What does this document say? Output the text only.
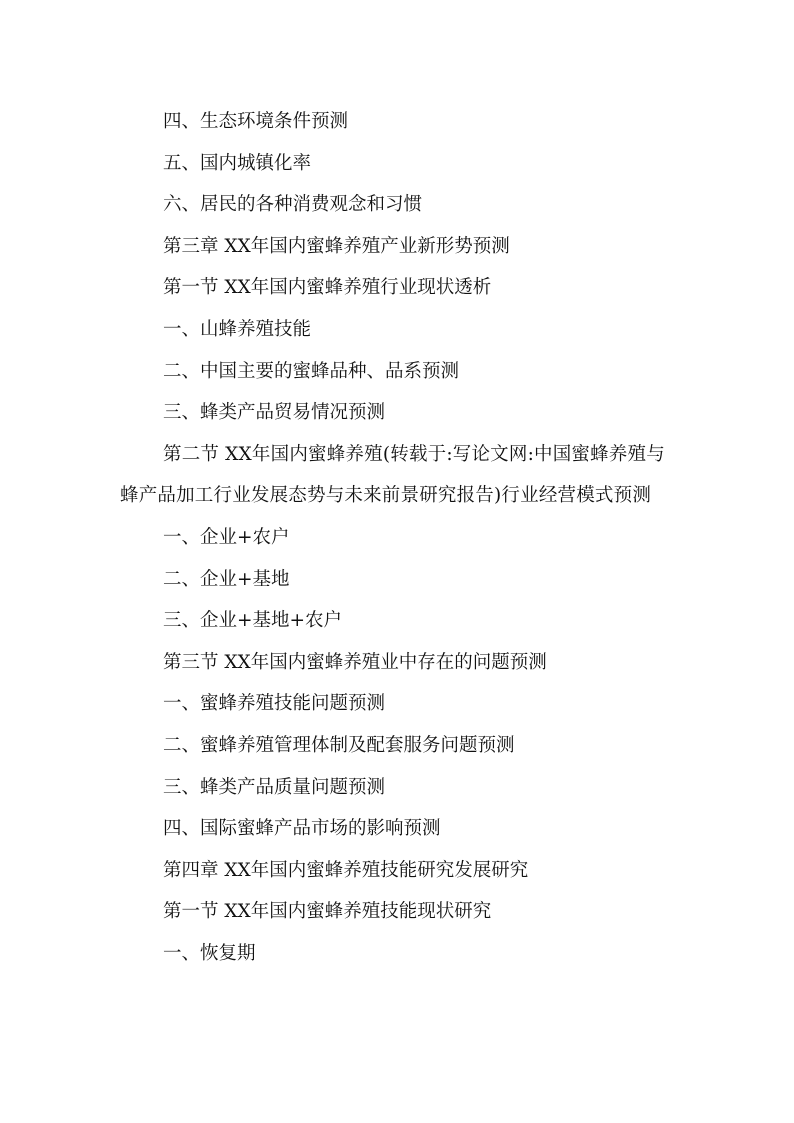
四、生态环境条件预测
五、国内城镇化率
六、居民的各种消费观念和习惯
第三章 XX年国内蜜蜂养殖产业新形势预测
第一节 XX年国内蜜蜂养殖行业现状透析
一、山蜂养殖技能
二、中国主要的蜜蜂品种、品系预测
三、蜂类产品贸易情况预测
第二节 XX年国内蜜蜂养殖(转载于:写论文网:中国蜜蜂养殖与蜂产品加工行业发展态势与未来前景研究报告)行业经营模式预测
一、企业+农户
二、企业+基地
三、企业+基地+农户
第三节 XX年国内蜜蜂养殖业中存在的问题预测
一、蜜蜂养殖技能问题预测
二、蜜蜂养殖管理体制及配套服务问题预测
三、蜂类产品质量问题预测
四、国际蜜蜂产品市场的影响预测
第四章 XX年国内蜜蜂养殖技能研究发展研究
第一节 XX年国内蜜蜂养殖技能现状研究
一、恢复期
